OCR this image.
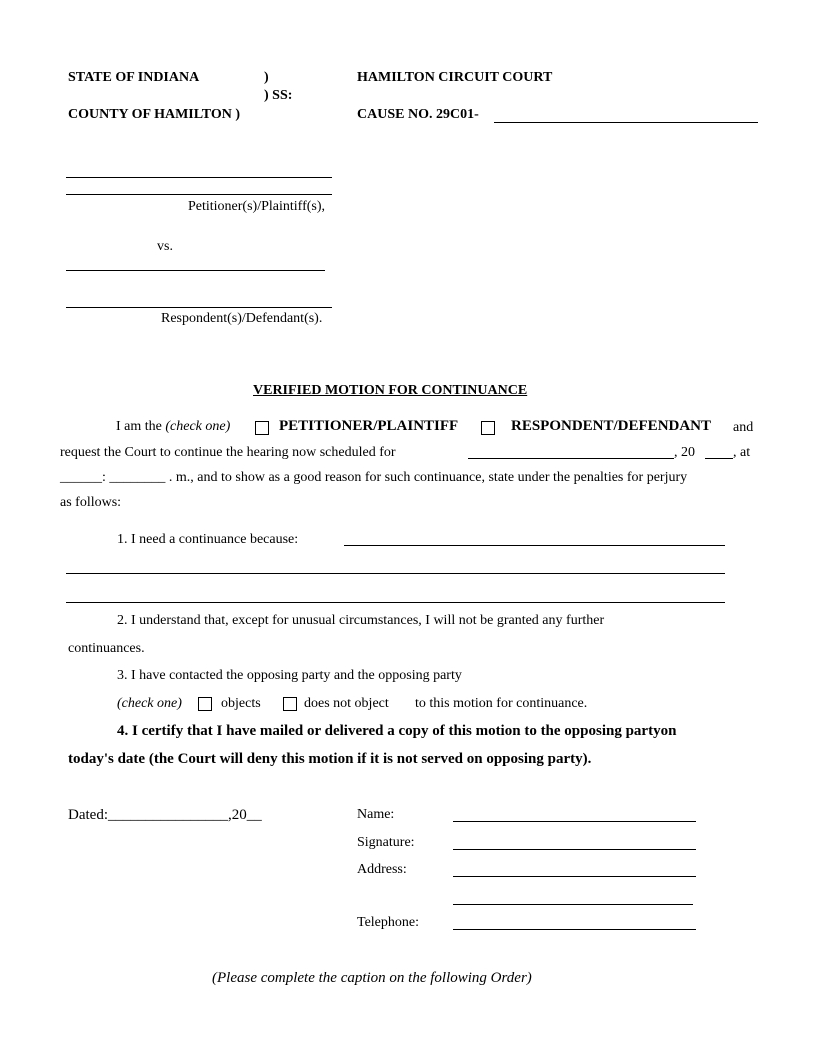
STATE OF INDIANA	)
) SS:
COUNTY OF HAMILTON )
HAMILTON CIRCUIT COURT
CAUSE NO. 29C01-
Petitioner(s)/Plaintiff(s),
vs.
Respondent(s)/Defendant(s).
VERIFIED MOTION FOR CONTINUANCE
I am the (check one)	PETITIONER/PLAINTIFF	RESPONDENT/DEFENDANT and
request the Court to continue the hearing now scheduled for	, 20	, at
______: ________ . m., and to show as a good reason for such continuance, state under the penalties for perjury
as follows:
1. I need a continuance because:
2. I understand that, except for unusual circumstances, I will not be granted any further
continuances.
3. I have contacted the opposing party and the opposing party
(check one)	objects	does not object to this motion for continuance.
4. I certify that I have mailed or delivered a copy of this motion to the opposing partyon
today's date (the Court will deny this motion if it is not served on opposing party).
Dated:________________,20__	Name:
Signature:
Address:
Telephone:
(Please complete the caption on the following Order)
